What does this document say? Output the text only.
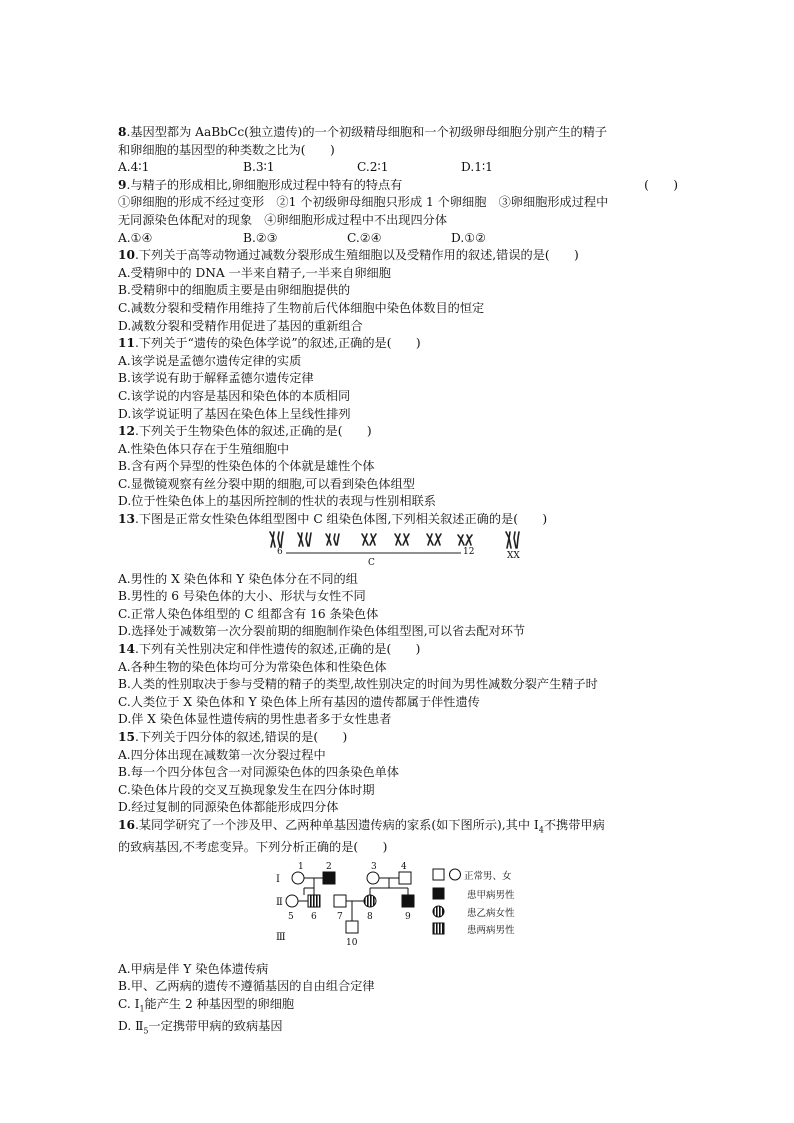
8.基因型都为 AaBbCc(独立遗传)的一个初级精母细胞和一个初级卵母细胞分别产生的精子
和卵细胞的基因型的种类数之比为(　　)
A.4∶1	B.3∶1	C.2∶1	D.1∶1
9.与精子的形成相比,卵细胞形成过程中特有的特点有	(　　)
①卵细胞的形成不经过变形　②1 个初级卵母细胞只形成 1 个卵细胞　③卵细胞形成过程中
无同源染色体配对的现象　④卵细胞形成过程中不出现四分体
A.①④	B.②③	C.②④	D.①②
10.下列关于高等动物通过减数分裂形成生殖细胞以及受精作用的叙述,错误的是(　　)
A.受精卵中的 DNA 一半来自精子,一半来自卵细胞
B.受精卵中的细胞质主要是由卵细胞提供的
C.减数分裂和受精作用维持了生物前后代体细胞中染色体数目的恒定
D.减数分裂和受精作用促进了基因的重新组合
11.下列关于“遗传的染色体学说”的叙述,正确的是(　　)
A.该学说是孟德尔遗传定律的实质
B.该学说有助于解释孟德尔遗传定律
C.该学说的内容是基因和染色体的本质相同
D.该学说证明了基因在染色体上呈线性排列
12.下列关于生物染色体的叙述,正确的是(　　)
A.性染色体只存在于生殖细胞中
B.含有两个异型的性染色体的个体就是雄性个体
C.显微镜观察有丝分裂中期的细胞,可以看到染色体组型
D.位于性染色体上的基因所控制的性状的表现与性别相联系
13.下图是正常女性染色体组型图中 C 组染色体图,下列相关叙述正确的是(　　)
6	12
C
XX
A.男性的 X 染色体和 Y 染色体分在不同的组
B.男性的 6 号染色体的大小、形状与女性不同
C.正常人染色体组型的 C 组都含有 16 条染色体
D.选择处于减数第一次分裂前期的细胞制作染色体组型图,可以省去配对环节
14.下列有关性别决定和伴性遗传的叙述,正确的是(　　)
A.各种生物的染色体均可分为常染色体和性染色体
B.人类的性别取决于参与受精的精子的类型,故性别决定的时间为男性减数分裂产生精子时
C.人类位于 X 染色体和 Y 染色体上所有基因的遗传都属于伴性遗传
D.伴 X 染色体显性遗传病的男性患者多于女性患者
15.下列关于四分体的叙述,错误的是(　　)
A.四分体出现在减数第一次分裂过程中
B.每一个四分体包含一对同源染色体的四条染色单体
C.染色体片段的交叉互换现象发生在四分体时期
D.经过复制的同源染色体都能形成四分体
16.某同学研究了一个涉及甲、乙两种单基因遗传病的家系(如下图所示),其中 $Ⅰ_4$不携带甲病
的致病基因,不考虑变异。下列分析正确的是(　　)
Ⅰ
Ⅱ
Ⅲ
1 2	3	4
5 6 7	8	9
10
正常男、女
患甲病男性
患乙病女性
患两病男性
A.甲病是伴 Y 染色体遗传病
B.甲、乙两病的遗传不遵循基因的自由组合定律
C. $Ⅰ_1$能产生 2 种基因型的卵细胞
D. $Ⅱ_5$一定携带甲病的致病基因
